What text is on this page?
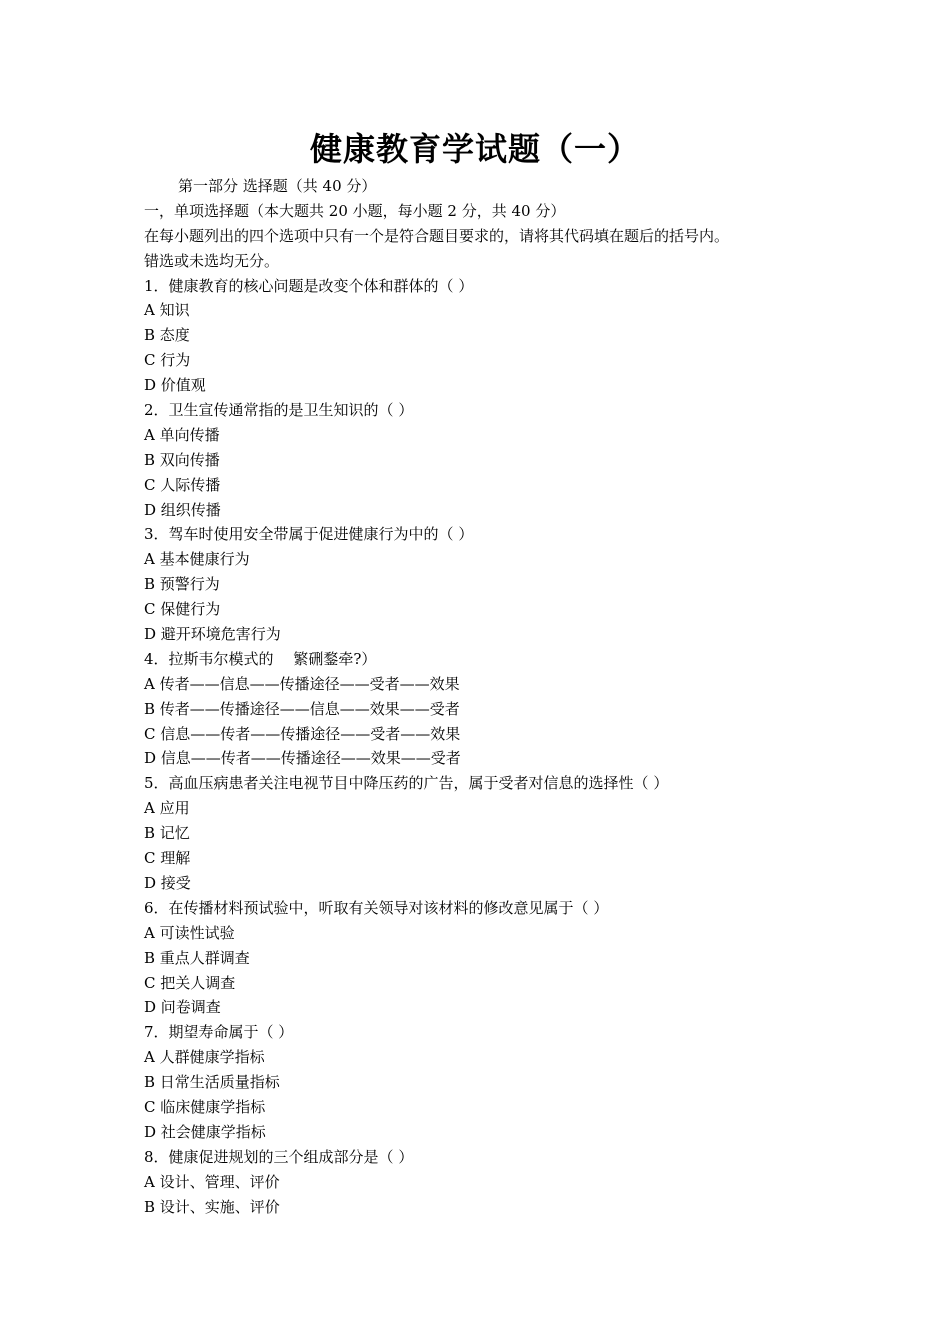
健康教育学试题（一）
第一部分 选择题（共 40 分）
一，单项选择题（本大题共 20 小题，每小题 2 分，共 40 分）
在每小题列出的四个选项中只有一个是符合题目要求的，请将其代码填在题后的括号内。
错选或未选均无分。
1．健康教育的核心问题是改变个体和群体的（ ）
A 知识
B 态度
C 行为
D 价值观
2．卫生宣传通常指的是卫生知识的（ ）
A 单向传播
B 双向传播
C 人际传播
D 组织传播
3．驾车时使用安全带属于促进健康行为中的（ ）
A 基本健康行为
B 预警行为
C 保健行为
D 避开环境危害行为
4．拉斯韦尔模式的　 繁硎鍪牵?）
A 传者——信息——传播途径——受者——效果
B 传者——传播途径——信息——效果——受者
C 信息——传者——传播途径——受者——效果
D 信息——传者——传播途径——效果——受者
5．高血压病患者关注电视节目中降压药的广告，属于受者对信息的选择性（ ）
A 应用
B 记忆
C 理解
D 接受
6．在传播材料预试验中，听取有关领导对该材料的修改意见属于（ ）
A 可读性试验
B 重点人群调查
C 把关人调查
D 问卷调查
7．期望寿命属于（ ）
A 人群健康学指标
B 日常生活质量指标
C 临床健康学指标
D 社会健康学指标
8．健康促进规划的三个组成部分是（ ）
A 设计、管理、评价
B 设计、实施、评价
